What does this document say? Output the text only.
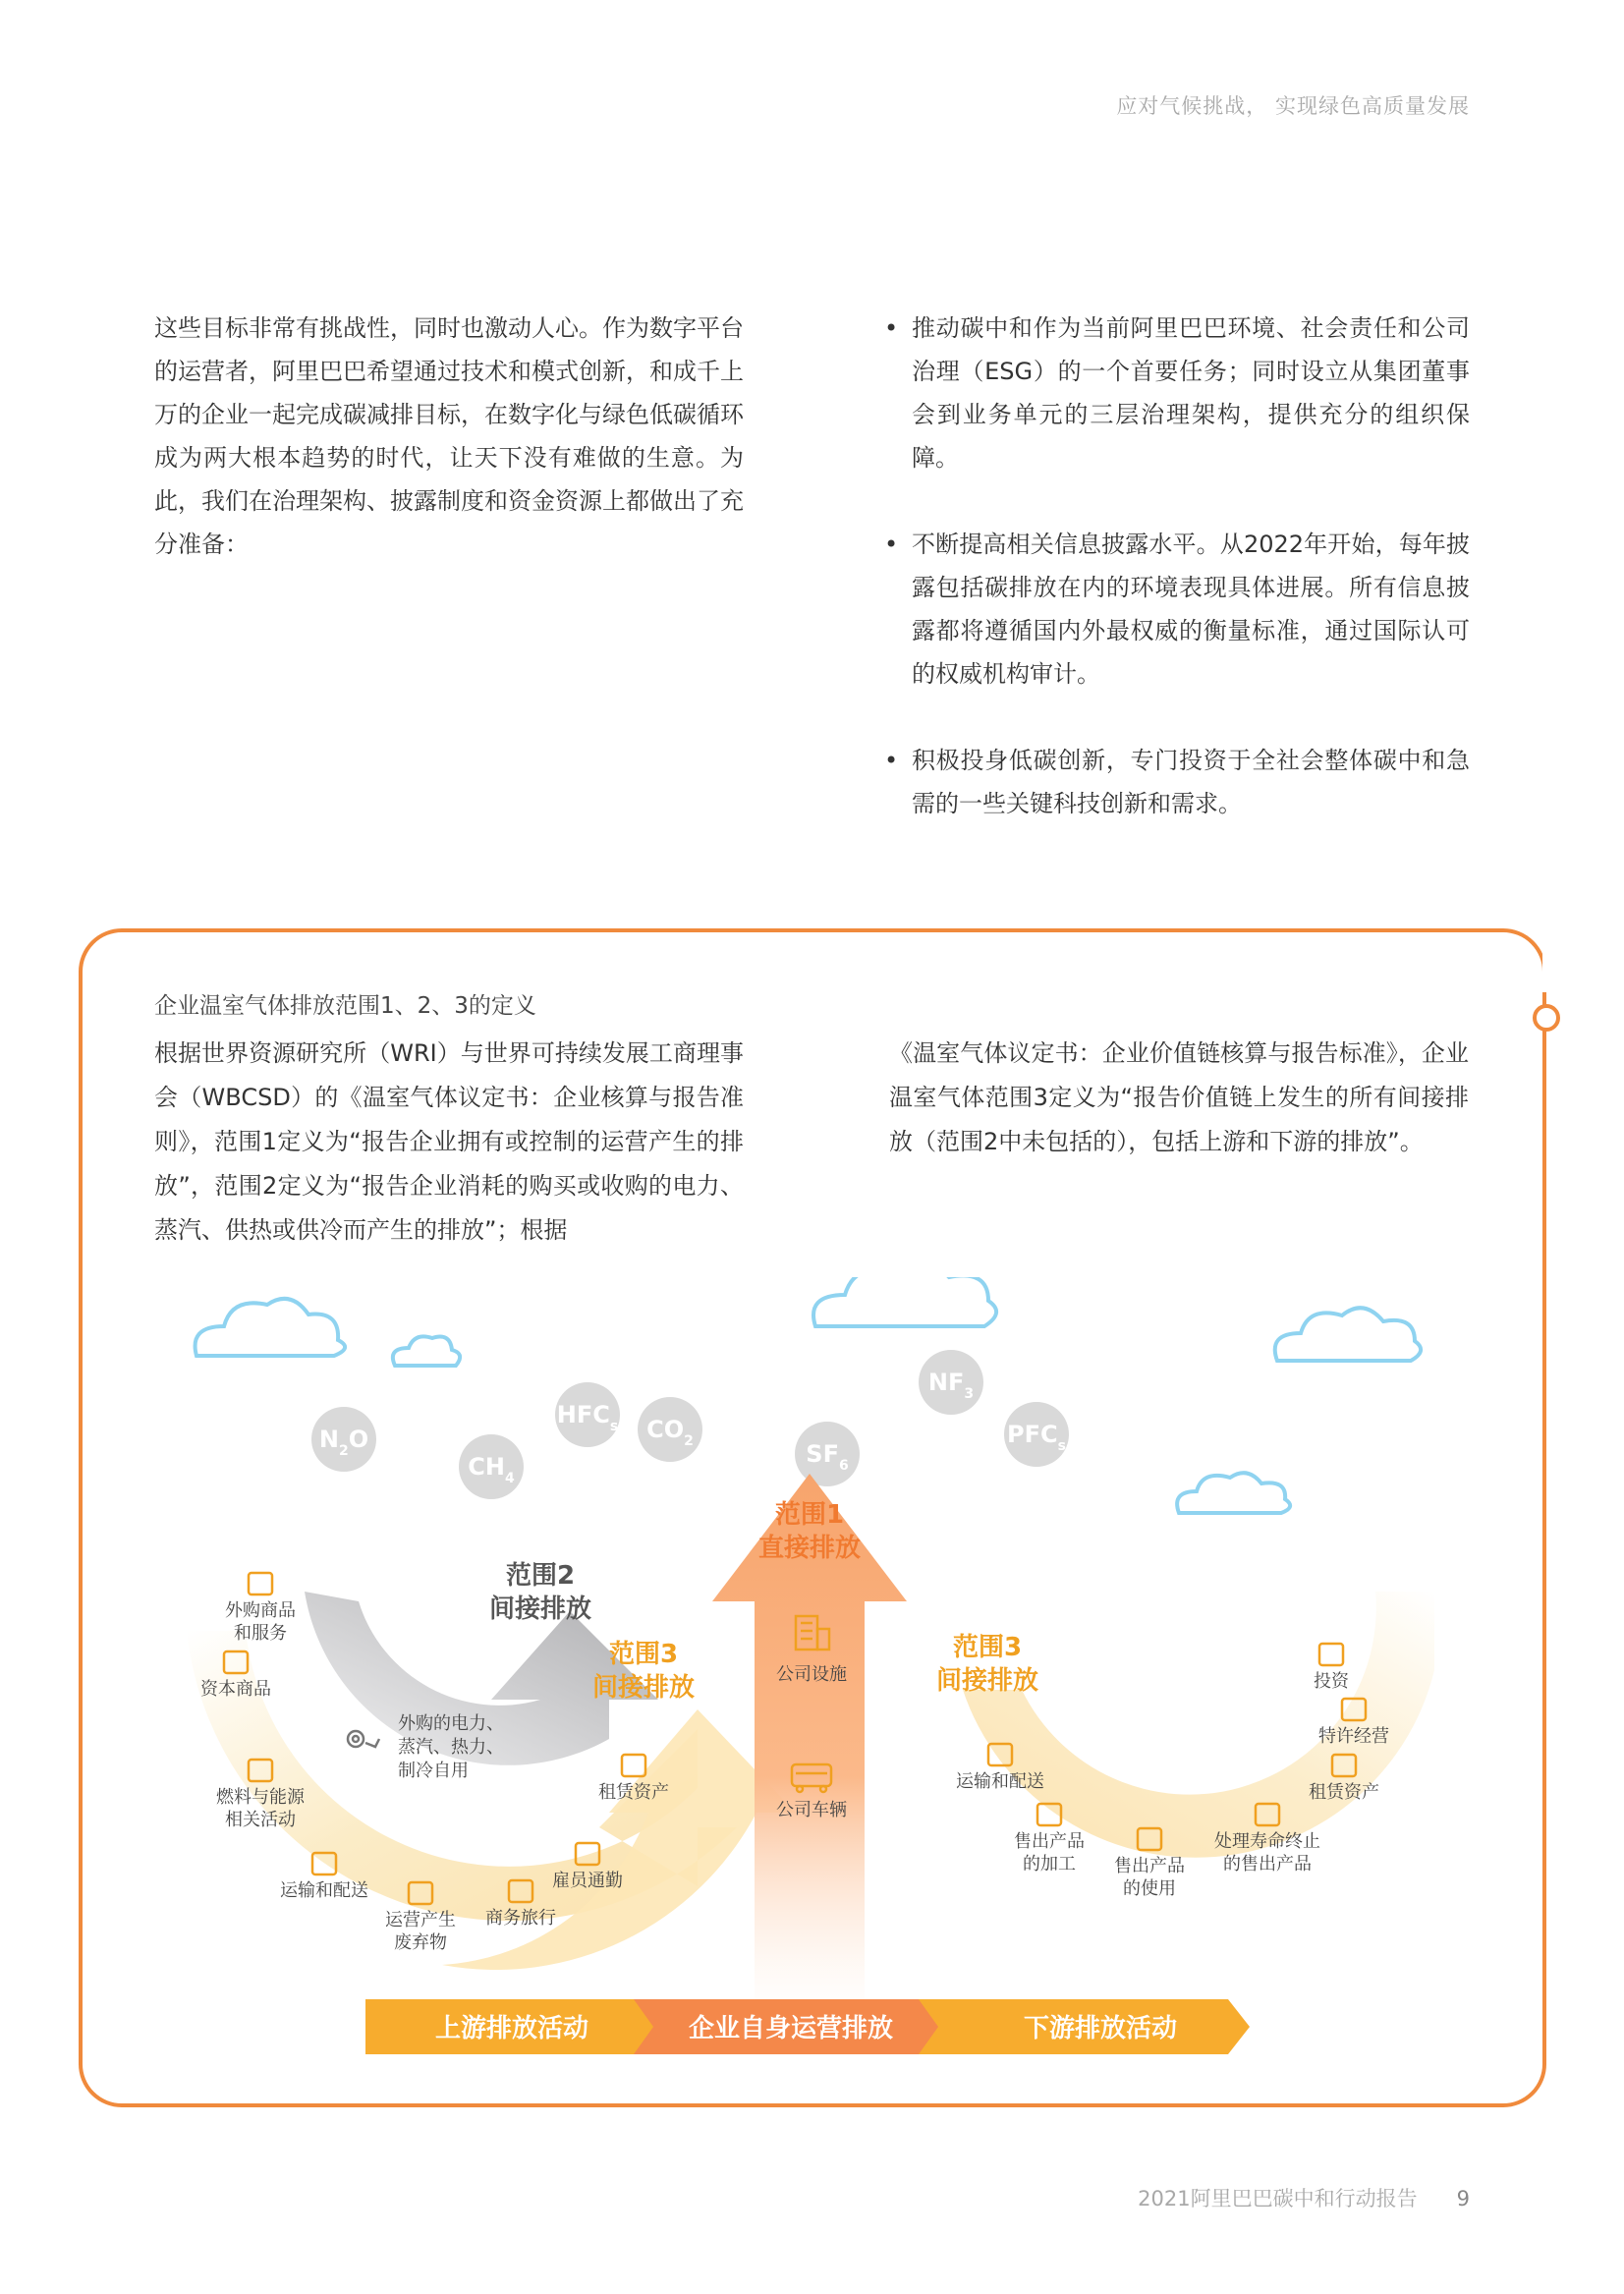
应对气候挑战， 实现绿色高质量发展
这些目标非常有挑战性，同时也激动人心。作为数字平台的运营者，阿里巴巴希望通过技术和模式创新，和成千上万的企业一起完成碳减排目标，在数字化与绿色低碳循环成为两大根本趋势的时代，让天下没有难做的生意。为此，我们在治理架构、披露制度和资金资源上都做出了充分准备：
• 推动碳中和作为当前阿里巴巴环境、社会责任和公司治理（ESG）的一个首要任务；同时设立从集团董事会到业务单元的三层治理架构，提供充分的组织保障。
• 不断提高相关信息披露水平。从2022年开始，每年披露包括碳排放在内的环境表现具体进展。所有信息披露都将遵循国内外最权威的衡量标准，通过国际认可的权威机构审计。
• 积极投身低碳创新，专门投资于全社会整体碳中和急需的一些关键科技创新和需求。
企业温室气体排放范围1、2、3的定义
根据世界资源研究所（WRI）与世界可持续发展工商理事会（WBCSD）的《温室气体议定书：企业核算与报告准则》，范围1定义为“报告企业拥有或控制的运营产生的排放”，范围2定义为“报告企业消耗的购买或收购的电力、蒸汽、供热或供冷而产生的排放”；根据
《温室气体议定书：企业价值链核算与报告标准》，企业温室气体范围3定义为“报告价值链上发生的所有间接排放（范围2中未包括的），包括上游和下游的排放”。
$N_2O$
$CH_4$
$HFC_s$ $CO_2$	$SF_6$
$NF_3$
$PFC_s$
范围1
直接排放
范围2
间接排放
范围3
间接排放
范围3
间接排放
公司设施
公司车辆
外购的电力、
蒸汽、热力、
制冷自用
外购商品
和服务
资本商品
燃料与能源
相关活动
运输和配送
运营产生
废弃物
商务旅行
雇员通勤
租赁资产
运输和配送
售出产品
的加工 售出产品
的使用
处理寿命终止
的售出产品
租赁资产
特许经营
投资
上游排放活动	企业自身运营排放	下游排放活动
2021阿里巴巴碳中和行动报告 9
